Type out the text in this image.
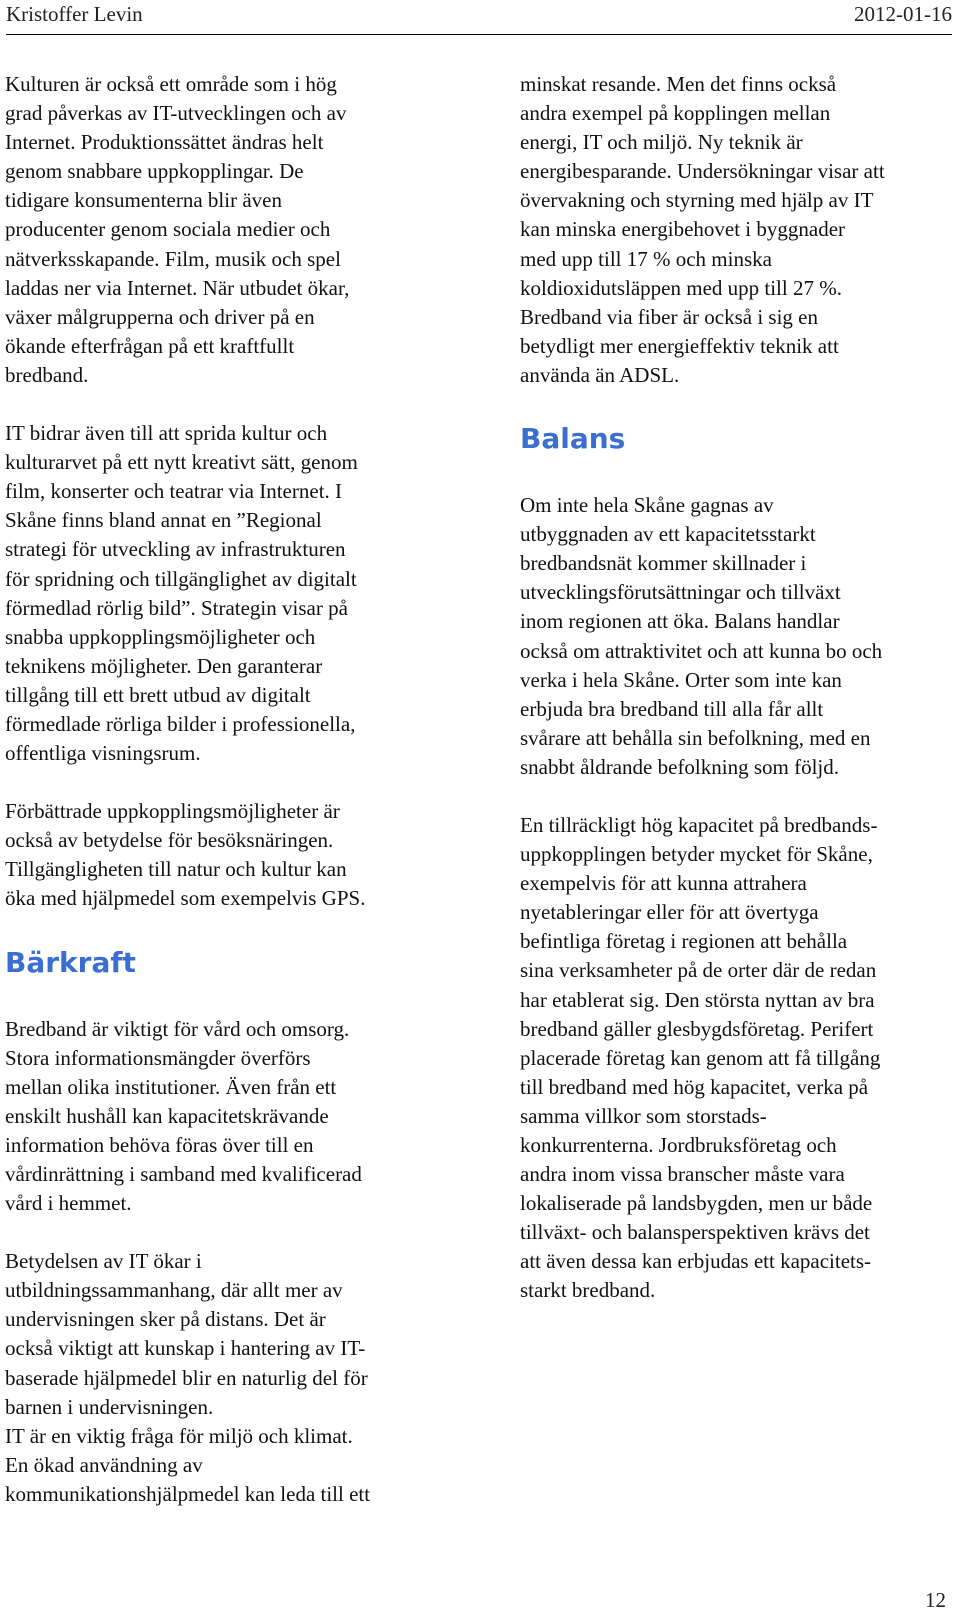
Kristoffer Levin	2012-01-16

Kulturen är också ett område som i hög
grad påverkas av IT-utvecklingen och av
Internet. Produktionssättet ändras helt
genom snabbare uppkopplingar. De
tidigare konsumenterna blir även
producenter genom sociala medier och
nätverksskapande. Film, musik och spel
laddas ner via Internet. När utbudet ökar,
växer målgrupperna och driver på en
ökande efterfrågan på ett kraftfullt
bredband.

IT bidrar även till att sprida kultur och
kulturarvet på ett nytt kreativt sätt, genom
film, konserter och teatrar via Internet. I
Skåne finns bland annat en ”Regional
strategi för utveckling av infrastrukturen
för spridning och tillgänglighet av digitalt
förmedlad rörlig bild”. Strategin visar på
snabba uppkopplingsmöjligheter och
teknikens möjligheter. Den garanterar
tillgång till ett brett utbud av digitalt
förmedlade rörliga bilder i professionella,
offentliga visningsrum.

Förbättrade uppkopplingsmöjligheter är
också av betydelse för besöksnäringen.
Tillgängligheten till natur och kultur kan
öka med hjälpmedel som exempelvis GPS.

Bärkraft

Bredband är viktigt för vård och omsorg.
Stora informationsmängder överförs
mellan olika institutioner. Även från ett
enskilt hushåll kan kapacitetskrävande
information behöva föras över till en
vårdinrättning i samband med kvalificerad
vård i hemmet.

Betydelsen av IT ökar i
utbildningssammanhang, där allt mer av
undervisningen sker på distans. Det är
också viktigt att kunskap i hantering av IT-
baserade hjälpmedel blir en naturlig del för
barnen i undervisningen.

IT är en viktig fråga för miljö och klimat.
En ökad användning av
kommunikationshjälpmedel kan leda till ett

minskat resande. Men det finns också
andra exempel på kopplingen mellan
energi, IT och miljö. Ny teknik är
energibesparande. Undersökningar visar att
övervakning och styrning med hjälp av IT
kan minska energibehovet i byggnader
med upp till 17 % och minska
koldioxidutsläppen med upp till 27 %.
Bredband via fiber är också i sig en
betydligt mer energieffektiv teknik att
använda än ADSL.

Balans

Om inte hela Skåne gagnas av
utbyggnaden av ett kapacitetsstarkt
bredbandsnät kommer skillnader i
utvecklingsförutsättningar och tillväxt
inom regionen att öka. Balans handlar
också om attraktivitet och att kunna bo och
verka i hela Skåne. Orter som inte kan
erbjuda bra bredband till alla får allt
svårare att behålla sin befolkning, med en
snabbt åldrande befolkning som följd.

En tillräckligt hög kapacitet på bredbands-
uppkopplingen betyder mycket för Skåne,
exempelvis för att kunna attrahera
nyetableringar eller för att övertyga
befintliga företag i regionen att behålla
sina verksamheter på de orter där de redan
har etablerat sig. Den största nyttan av bra
bredband gäller glesbygdsföretag. Perifert
placerade företag kan genom att få tillgång
till bredband med hög kapacitet, verka på
samma villkor som storstads-
konkurrenterna. Jordbruksföretag och
andra inom vissa branscher måste vara
lokaliserade på landsbygden, men ur både
tillväxt- och balansperspektiven krävs det
att även dessa kan erbjudas ett kapacitets-
starkt bredband.

12
